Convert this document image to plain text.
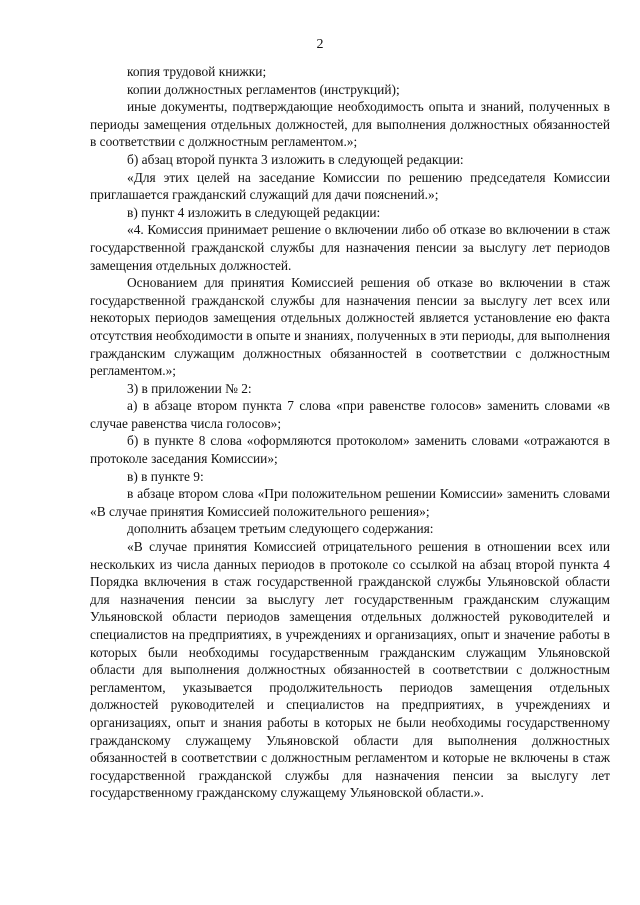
2

копия трудовой книжки;

копии должностных регламентов (инструкций);

иные документы, подтверждающие необходимость опыта и знаний, полученных в периоды замещения отдельных должностей, для выполнения должностных обязанностей в соответствии с должностным регламентом.»;

б) абзац второй пункта 3 изложить в следующей редакции:

«Для этих целей на заседание Комиссии по решению председателя Комиссии приглашается гражданский служащий для дачи пояснений.»;

в) пункт 4 изложить в следующей редакции:

«4. Комиссия принимает решение о включении либо об отказе во включении в стаж государственной гражданской службы для назначения пенсии за выслугу лет периодов замещения отдельных должностей.

Основанием для принятия Комиссией решения об отказе во включении в стаж государственной гражданской службы для назначения пенсии за выслугу лет всех или некоторых периодов замещения отдельных должностей является установление ею факта отсутствия необходимости в опыте и знаниях, полученных в эти периоды, для выполнения гражданским служащим должностных обязанностей в соответствии с должностным регламентом.»;

3) в приложении № 2:

а) в абзаце втором пункта 7 слова «при равенстве голосов» заменить словами «в случае равенства числа голосов»;

б) в пункте 8 слова «оформляются протоколом» заменить словами «отражаются в протоколе заседания Комиссии»;

в) в пункте 9:

в абзаце втором слова «При положительном решении Комиссии» заменить словами «В случае принятия Комиссией положительного решения»;

дополнить абзацем третьим следующего содержания:

«В случае принятия Комиссией отрицательного решения в отношении всех или нескольких из числа данных периодов в протоколе со ссылкой на абзац второй пункта 4 Порядка включения в стаж государственной гражданской службы Ульяновской области для назначения пенсии за выслугу лет государственным гражданским служащим Ульяновской области периодов замещения отдельных должностей руководителей и специалистов на предприятиях, в учреждениях и организациях, опыт и значение работы в которых были необходимы государственным гражданским служащим Ульяновской области для выполнения должностных обязанностей в соответствии с должностным регламентом, указывается продолжительность периодов замещения отдельных должностей руководителей и специалистов на предприятиях, в учреждениях и организациях, опыт и знания работы в которых не были необходимы государственному гражданскому служащему Ульяновской области для выполнения должностных обязанностей в соответствии с должностным регламентом и которые не включены в стаж государственной гражданской службы для назначения пенсии за выслугу лет государственному гражданскому служащему Ульяновской области.».
